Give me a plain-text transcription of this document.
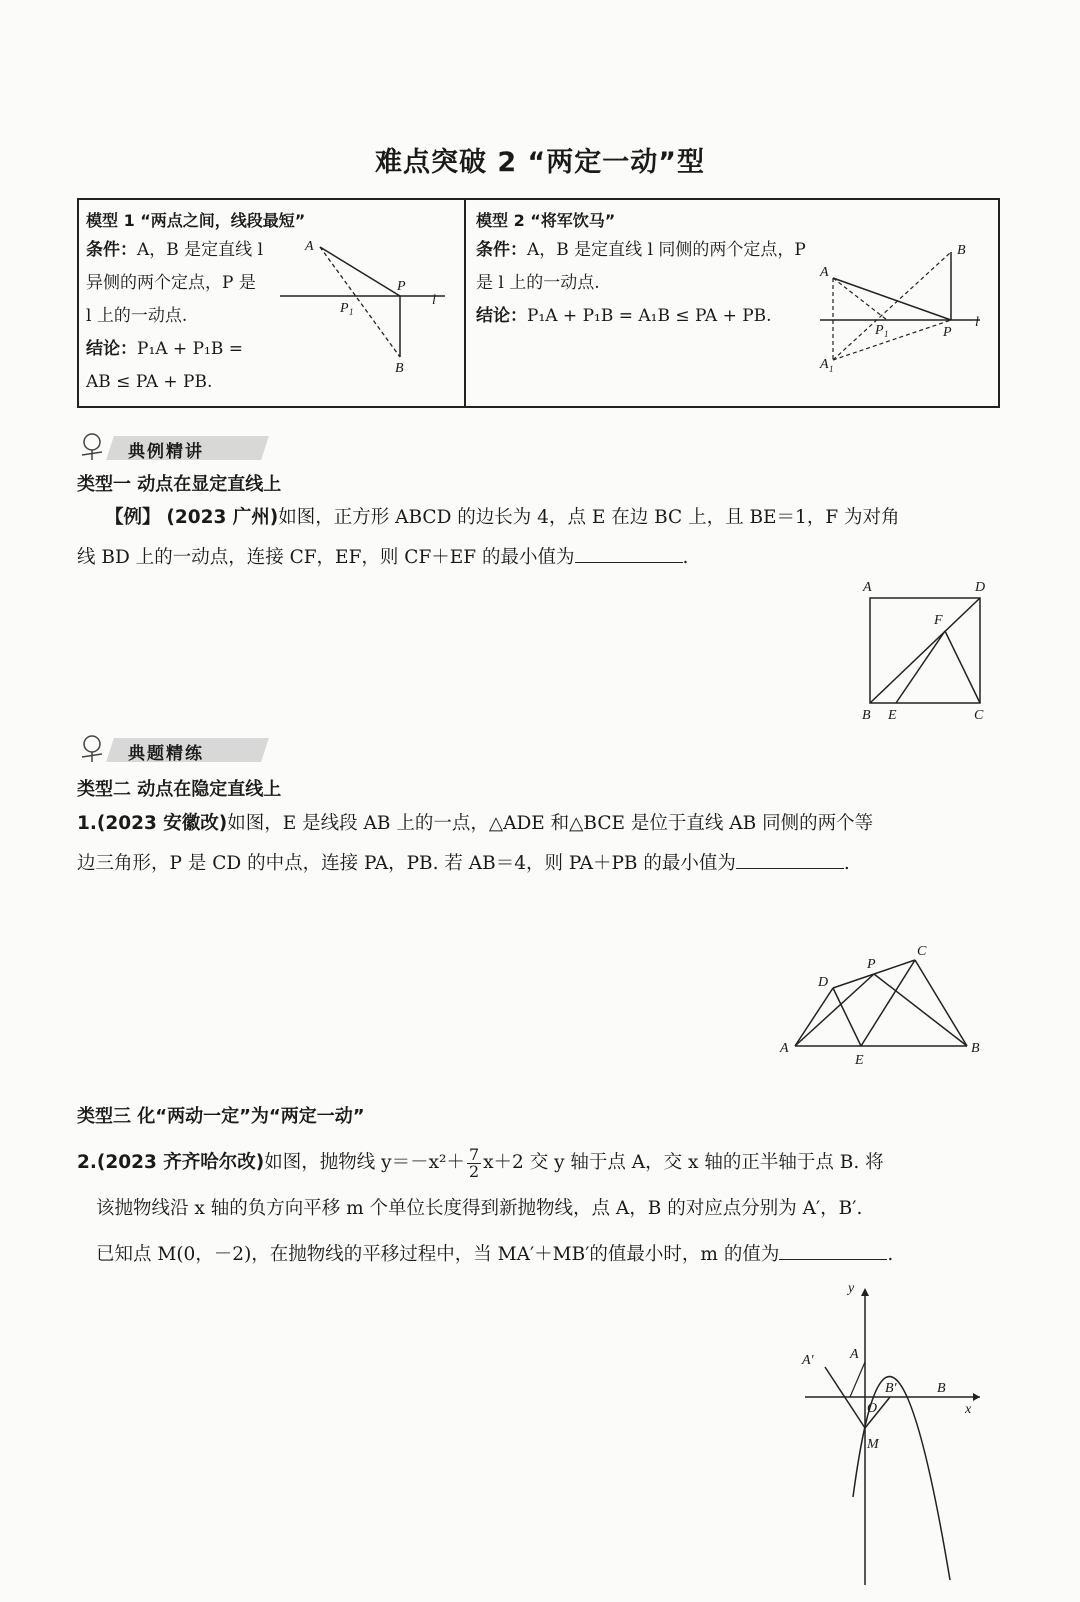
难点突破 2 “两定一动”型
模型 1 “两点之间，线段最短”
条件：A，B 是定直线 l 异侧的两个定点，P 是 l 上的一动点.
结论：P₁A + P₁B = AB ≤ PA + PB.
A
P
P 1
l
B
模型 2 “将军饮马”
条件：A，B 是定直线 l 同侧的两个定点，P 是 l 上的一动点.
结论：P₁A + P₁B = A₁B ≤ PA + PB.
A
B
A 1
P 1	P
l
典例精讲
类型一 动点在显定直线上
【例】 (2023 广州)如图，正方形 ABCD 的边长为 4，点 E 在边 BC 上，且 BE＝1，F 为对角
线 BD 上的一动点，连接 CF，EF，则 CF＋EF 的最小值为	.
A	D
F
B E	C
典题精练
类型二 动点在隐定直线上
1.(2023 安徽改)如图，E 是线段 AB 上的一点，△ADE 和△BCE 是位于直线 AB 同侧的两个等
边三角形，P 是 CD 的中点，连接 PA，PB. 若 AB＝4，则 PA＋PB 的最小值为	.
A	B
C
D
E
P
类型三 化“两动一定”为“两定一动”
2.(2023 齐齐哈尔改)如图，抛物线 $y=-x^2+ \frac{7}{2} x+2$ 交 y 轴于点 A，交 x 轴的正半轴于点 B. 将
该抛物线沿 x 轴的负方向平移 m 个单位长度得到新抛物线，点 A，B 的对应点分别为 A′，B′.
已知点 M(0，－2)，在抛物线的平移过程中，当 MA′＋MB′的值最小时，m 的值为	.
y
x
O
A
A′
B′	B
M
